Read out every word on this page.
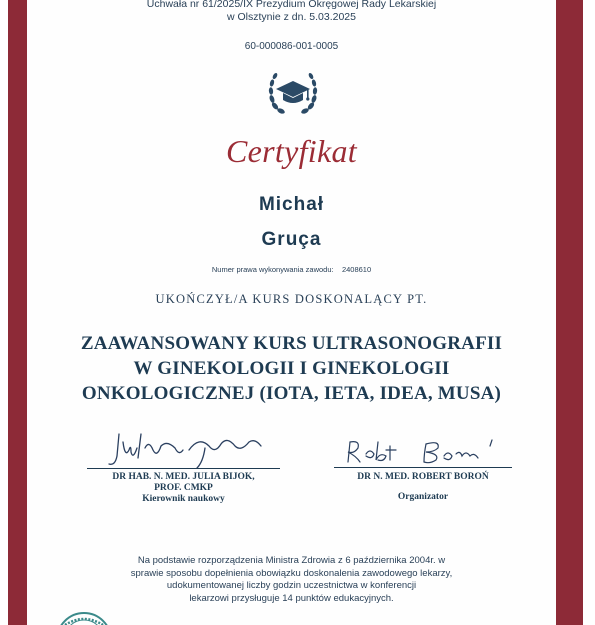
Uchwała nr 61/2025/IX Prezydium Okręgowej Rady Lekarskiej
w Olsztynie z dn. 5.03.2025
60-000086-001-0005
Certyfikat
Michał
Gruça
Numer prawa wykonywania zawodu: 2408610
UKOŃCZYŁ/A KURS DOSKONALĄCY PT.
ZAAWANSOWANY KURS ULTRASONOGRAFII
W GINEKOLOGII I GINEKOLOGII
ONKOLOGICZNEJ (IOTA, IETA, IDEA, MUSA)
DR HAB. N. MED. JULIA BIJOK,
PROF. CMKP
Kierownik naukowy
DR N. MED. ROBERT BOROŃ
Organizator
Na podstawie rozporządzenia Ministra Zdrowia z 6 października 2004r. w
sprawie sposobu dopełnienia obowiązku doskonalenia zawodowego lekarzy,
udokumentowanej liczby godzin uczestnictwa w konferencji
lekarzowi przysługuje 14 punktów edukacyjnych.
